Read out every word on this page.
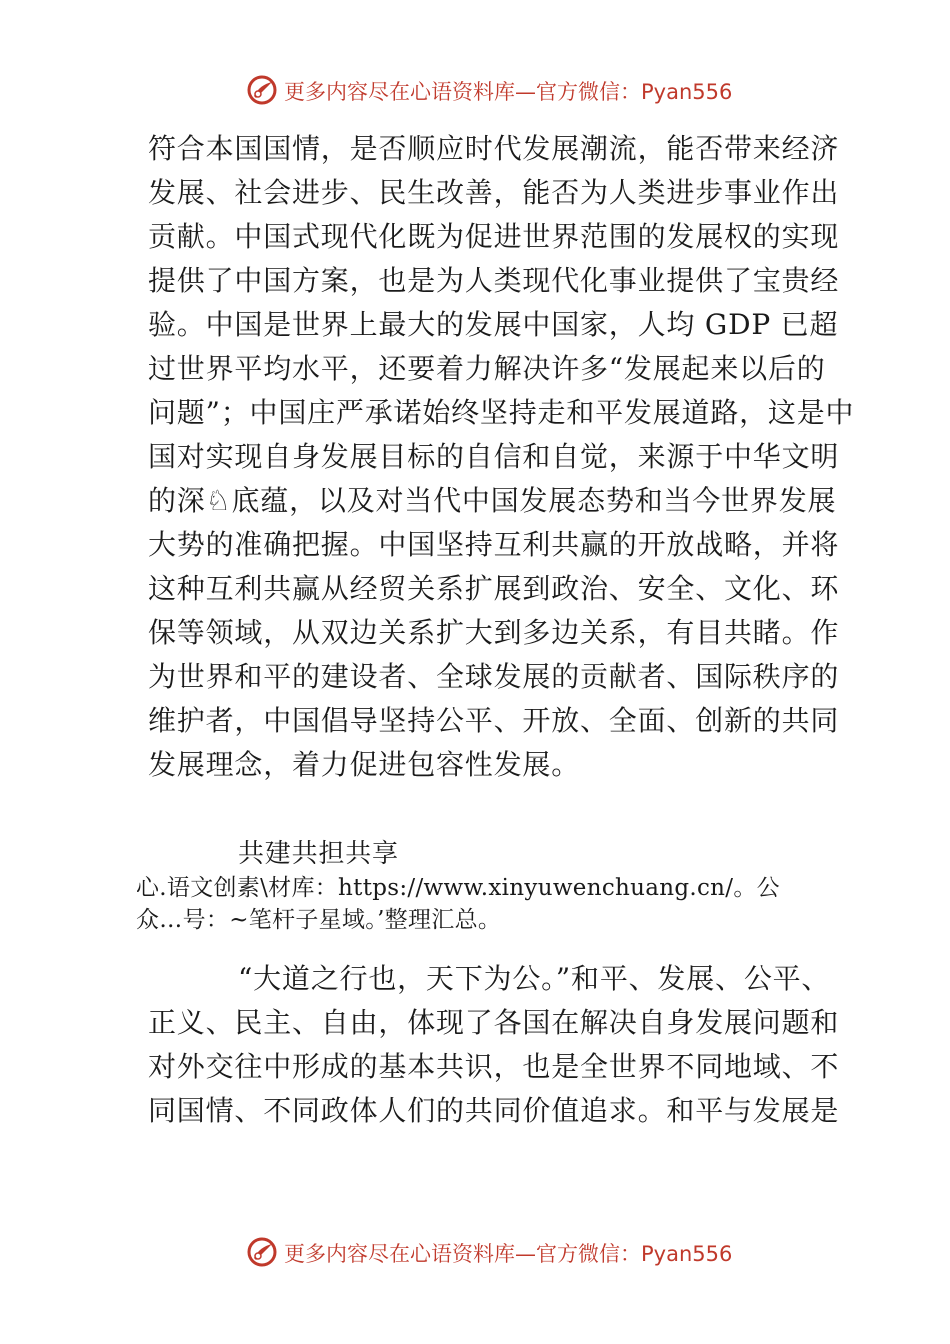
更多内容尽在心语资料库—官方微信：Pyan556
符合本国国情，是否顺应时代发展潮流，能否带来经济
发展、社会进步、民生改善，能否为人类进步事业作出
贡献。中国式现代化既为促进世界范围的发展权的实现
提供了中国方案，也是为人类现代化事业提供了宝贵经
验。中国是世界上最大的发展中国家，人均 GDP 已超
过世界平均水平，还要着力解决许多“发展起来以后的
问题”；中国庄严承诺始终坚持走和平发展道路，这是中
国对实现自身发展目标的自信和自觉，来源于中华文明
的深♘底蕴，以及对当代中国发展态势和当今世界发展
大势的准确把握。中国坚持互利共赢的开放战略，并将
这种互利共赢从经贸关系扩展到政治、安全、文化、环
保等领域，从双边关系扩大到多边关系，有目共睹。作
为世界和平的建设者、全球发展的贡献者、国际秩序的
维护者，中国倡导坚持公平、开放、全面、创新的共同
发展理念，着力促进包容性发展。
共建共担共享
心.语文创素\材库：https://www.xinyuwenchuang.cn/。公
众…号：~笔杆子星域。’整理汇总。
“大道之行也，天下为公。”和平、发展、公平、
正义、民主、自由，体现了各国在解决自身发展问题和
对外交往中形成的基本共识，也是全世界不同地域、不
同国情、不同政体人们的共同价值追求。和平与发展是
更多内容尽在心语资料库—官方微信：Pyan556
